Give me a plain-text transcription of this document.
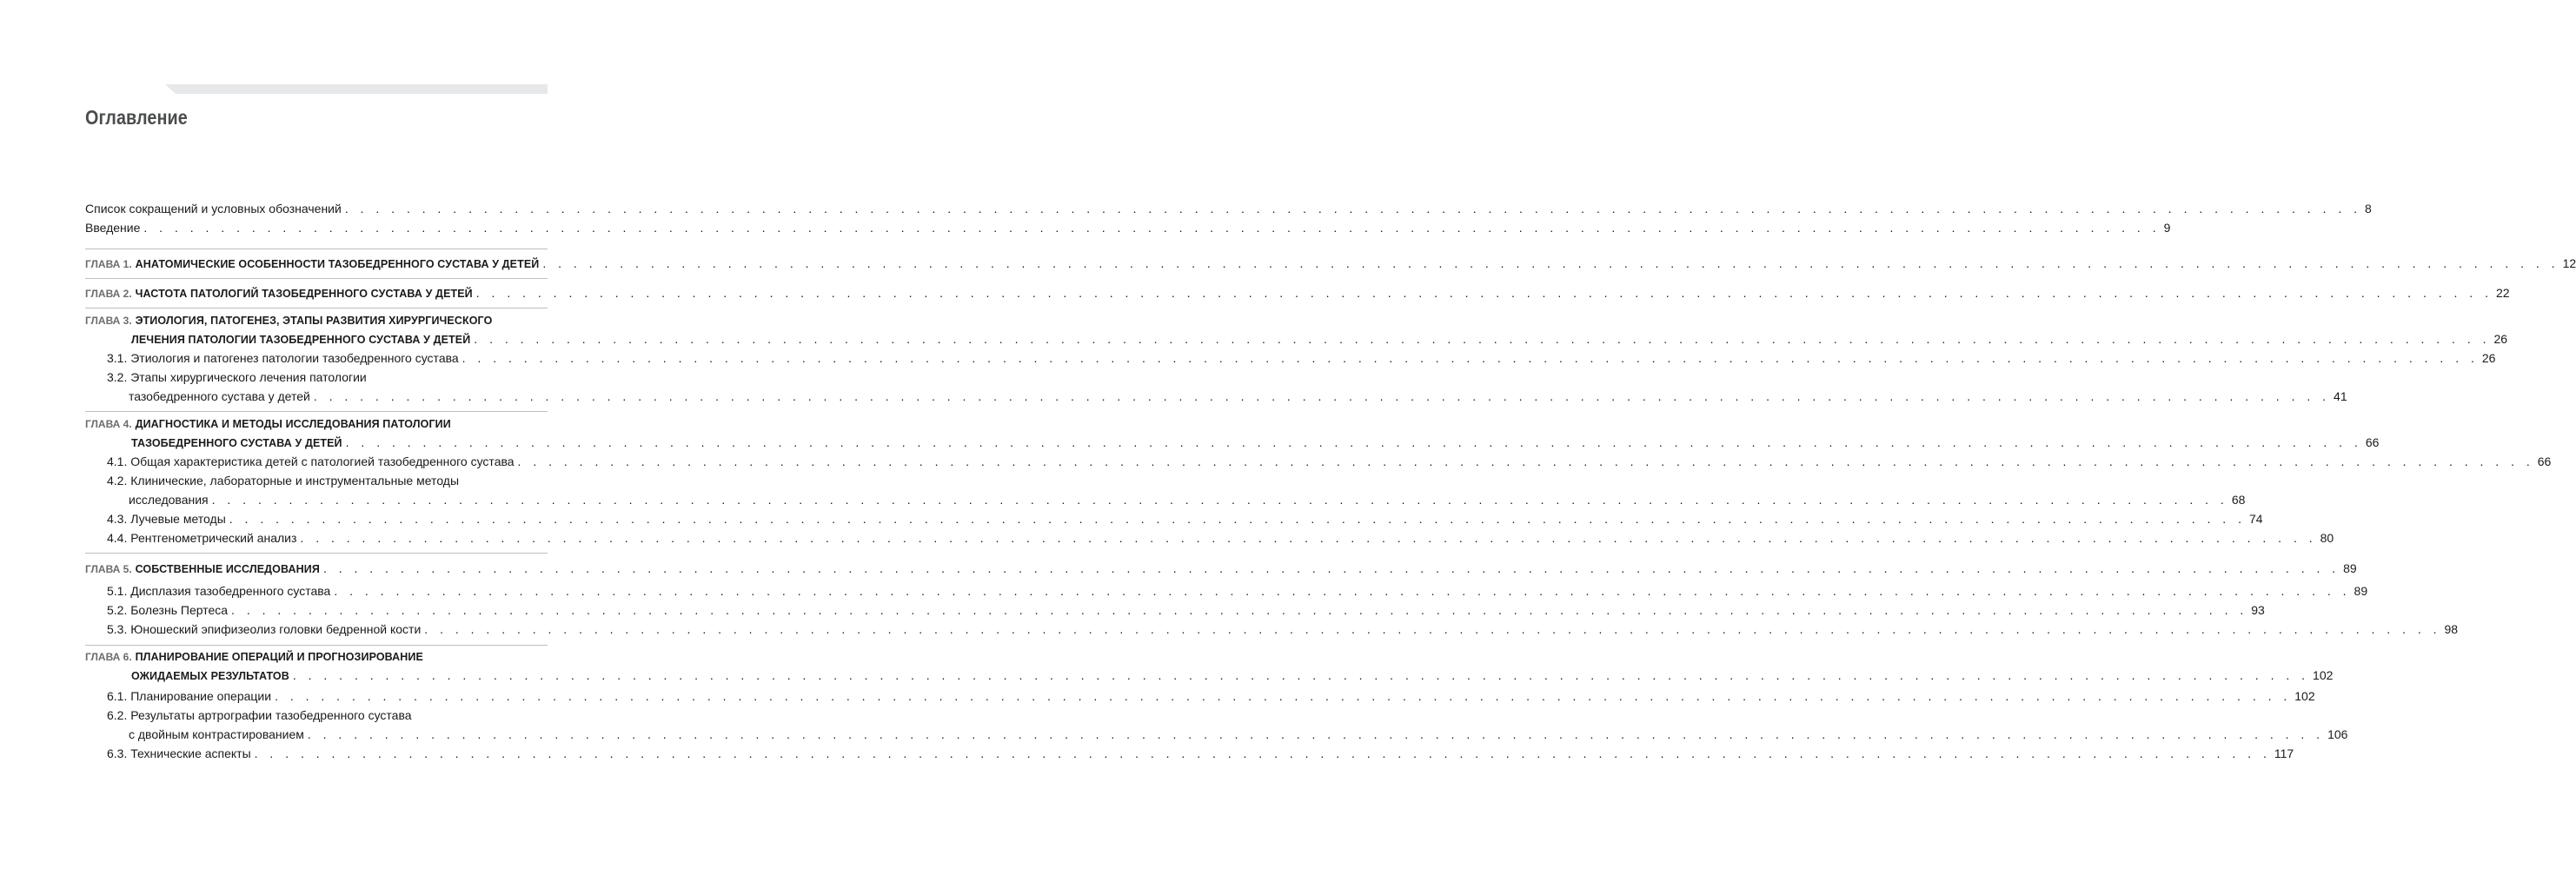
Оглавление
Список сокращений и условных обозначений . . .	8
Введение . . .	9
ГЛАВА 1. АНАТОМИЧЕСКИЕ ОСОБЕННОСТИ ТАЗОБЕДРЕННОГО СУСТАВА У ДЕТЕЙ . . .	12
ГЛАВА 2. ЧАСТОТА ПАТОЛОГИЙ ТАЗОБЕДРЕННОГО СУСТАВА У ДЕТЕЙ . . .	22
ГЛАВА 3. ЭТИОЛОГИЯ, ПАТОГЕНЕЗ, ЭТАПЫ РАЗВИТИЯ ХИРУРГИЧЕСКОГО
ЛЕЧЕНИЯ ПАТОЛОГИИ ТАЗОБЕДРЕННОГО СУСТАВА У ДЕТЕЙ . . .	26
3.1. Этиология и патогенез патологии тазобедренного сустава . . .	26
3.2. Этапы хирургического лечения патологии
тазобедренного сустава у детей . . .	41
ГЛАВА 4. ДИАГНОСТИКА И МЕТОДЫ ИССЛЕДОВАНИЯ ПАТОЛОГИИ
ТАЗОБЕДРЕННОГО СУСТАВА У ДЕТЕЙ . . .	66
4.1. Общая характеристика детей с патологией тазобедренного сустава . . .	66
4.2. Клинические, лабораторные и инструментальные методы
исследования . . .	68
4.3. Лучевые методы . . .	74
4.4. Рентгенометрический анализ . . .	80
ГЛАВА 5. СОБСТВЕННЫЕ ИССЛЕДОВАНИЯ . . .	89
5.1. Дисплазия тазобедренного сустава . . .	89
5.2. Болезнь Пертеса . . .	93
5.3. Юношеский эпифизеолиз головки бедренной кости . . .	98
ГЛАВА 6. ПЛАНИРОВАНИЕ ОПЕРАЦИЙ И ПРОГНОЗИРОВАНИЕ
ОЖИДАЕМЫХ РЕЗУЛЬТАТОВ . . .	102
6.1. Планирование операции . . .	102
6.2. Результаты артрографии тазобедренного сустава
с двойным контрастированием . . .	106
6.3. Технические аспекты . . .	117
